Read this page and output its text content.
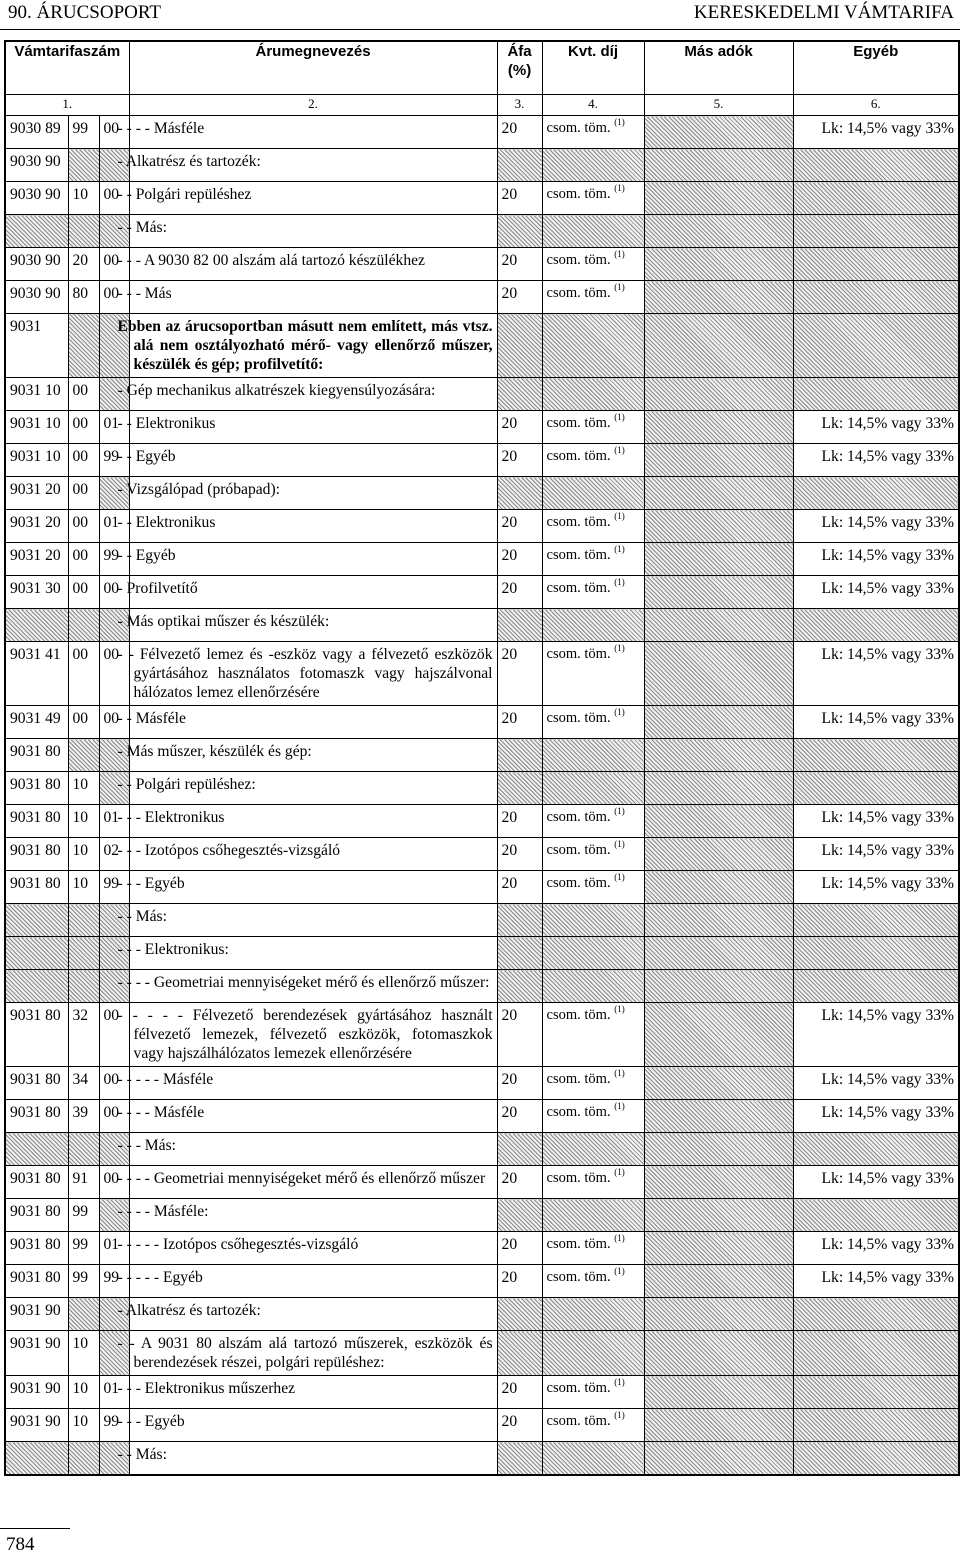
90. ÁRUCSOPORT	KERESKEDELMI VÁMTARIFA
Vámtarifaszám			Árumegnevezés	Áfa (%)	Kvt. díj	Más adók	Egyéb
1.			2.	3.	4.	5.	6.
9030 89	99	00	- - - - Másféle	20	csom. töm. $^{(1)}$		Lk: 14,5% vagy 33%
9030 90			- Alkatrész és tartozék:				
9030 90	10	00	- - Polgári repüléshez	20	csom. töm. $^{(1)}$		
			- - Más:				
9030 90	20	00	- - - A 9030 82 00 alszám alá tartozó készülékhez	20	csom. töm. $^{(1)}$		
9030 90	80	00	- - - Más	20	csom. töm. $^{(1)}$		
9031			Ebben az árucsoportban másutt nem említett, más vtsz. alá nem osztályozható mérő- vagy ellenőrző műszer, készülék és gép; profilvetítő:				
9031 10	00		- Gép mechanikus alkatrészek kiegyensúlyozására:				
9031 10	00	01	- - Elektronikus	20	csom. töm. $^{(1)}$		Lk: 14,5% vagy 33%
9031 10	00	99	- - Egyéb	20	csom. töm. $^{(1)}$		Lk: 14,5% vagy 33%
9031 20	00		- Vizsgálópad (próbapad):				
9031 20	00	01	- - Elektronikus	20	csom. töm. $^{(1)}$		Lk: 14,5% vagy 33%
9031 20	00	99	- - Egyéb	20	csom. töm. $^{(1)}$		Lk: 14,5% vagy 33%
9031 30	00	00	- Profilvetítő	20	csom. töm. $^{(1)}$		Lk: 14,5% vagy 33%
			- Más optikai műszer és készülék:				
9031 41	00	00	- - Félvezető lemez és -eszköz vagy a félvezető eszközök gyártásához használatos fotomaszk vagy hajszálvonal hálózatos lemez ellenőrzésére	20	csom. töm. $^{(1)}$		Lk: 14,5% vagy 33%
9031 49	00	00	- - Másféle	20	csom. töm. $^{(1)}$		Lk: 14,5% vagy 33%
9031 80			- Más műszer, készülék és gép:				
9031 80	10		- - Polgári repüléshez:				
9031 80	10	01	- - - Elektronikus	20	csom. töm. $^{(1)}$		Lk: 14,5% vagy 33%
9031 80	10	02	- - - Izotópos csőhegesztés-vizsgáló	20	csom. töm. $^{(1)}$		Lk: 14,5% vagy 33%
9031 80	10	99	- - - Egyéb	20	csom. töm. $^{(1)}$		Lk: 14,5% vagy 33%
			- - Más:				
			- - - Elektronikus:				
			- - - - Geometriai mennyiségeket mérő és ellenőrző műszer:				
9031 80	32	00	- - - - - Félvezető berendezések gyártásához használt félvezető lemezek, félvezető eszközök, fotomaszkok vagy hajszálhálózatos lemezek ellenőrzésére	20	csom. töm. $^{(1)}$		Lk: 14,5% vagy 33%
9031 80	34	00	- - - - - Másféle	20	csom. töm. $^{(1)}$		Lk: 14,5% vagy 33%
9031 80	39	00	- - - - Másféle	20	csom. töm. $^{(1)}$		Lk: 14,5% vagy 33%
			- - - Más:				
9031 80	91	00	- - - - Geometriai mennyiségeket mérő és ellenőrző műszer	20	csom. töm. $^{(1)}$		Lk: 14,5% vagy 33%
9031 80	99		- - - - Másféle:				
9031 80	99	01	- - - - - Izotópos csőhegesztés-vizsgáló	20	csom. töm. $^{(1)}$		Lk: 14,5% vagy 33%
9031 80	99	99	- - - - - Egyéb	20	csom. töm. $^{(1)}$		Lk: 14,5% vagy 33%
9031 90			- Alkatrész és tartozék:				
9031 90	10		- - A 9031 80 alszám alá tartozó műszerek, eszközök és berendezések részei, polgári repüléshez:				
9031 90	10	01	- - - Elektronikus műszerhez	20	csom. töm. $^{(1)}$		
9031 90	10	99	- - - Egyéb	20	csom. töm. $^{(1)}$		
			- - Más:				
784
